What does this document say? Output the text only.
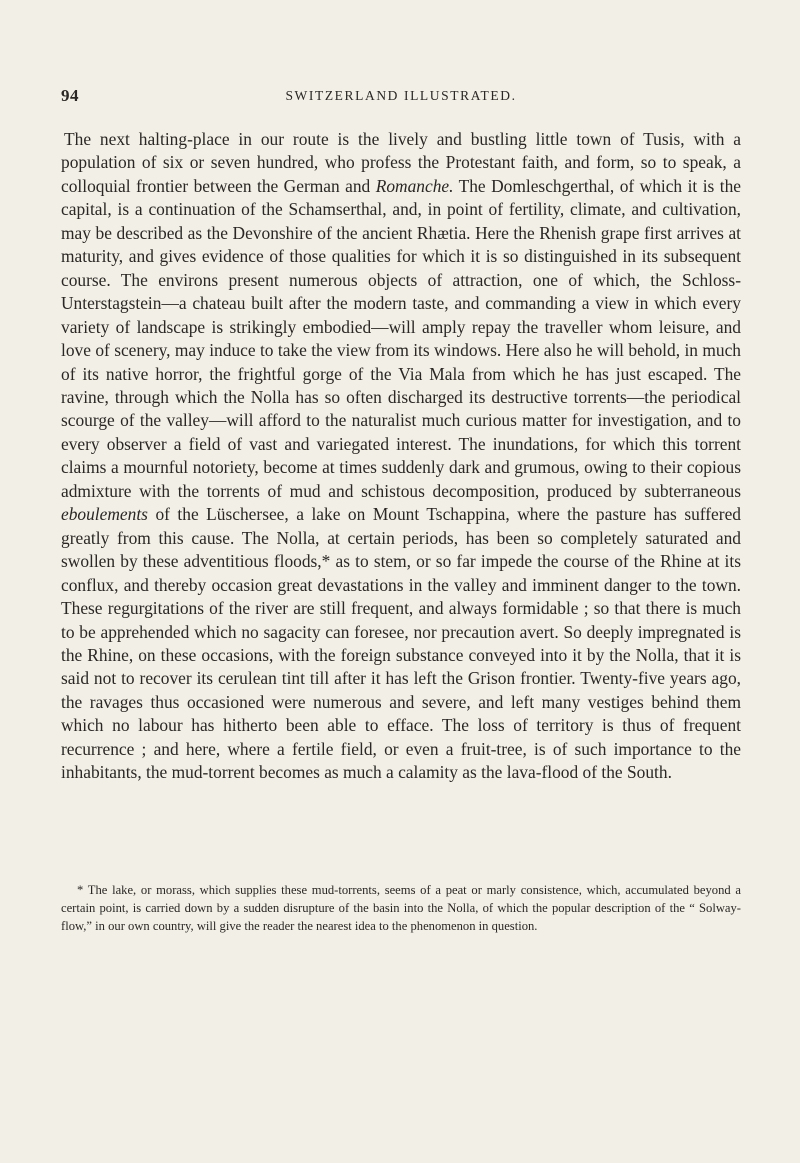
94	SWITZERLAND ILLUSTRATED.

The next halting-place in our route is the lively and bustling little town of Tusis, with a population of six or seven hundred, who profess the Protestant faith, and form, so to speak, a colloquial frontier between the German and Romanche. The Domleschgerthal, of which it is the capital, is a continuation of the Schamserthal, and, in point of fertility, climate, and cultivation, may be described as the Devonshire of the ancient Rhætia. Here the Rhenish grape first arrives at maturity, and gives evidence of those qualities for which it is so distinguished in its subsequent course. The environs present numerous objects of attraction, one of which, the Schloss-Unterstagstein—a chateau built after the modern taste, and commanding a view in which every variety of landscape is strikingly embodied—will amply repay the traveller whom leisure, and love of scenery, may induce to take the view from its windows. Here also he will behold, in much of its native horror, the frightful gorge of the Via Mala from which he has just escaped. The ravine, through which the Nolla has so often discharged its destructive torrents—the periodical scourge of the valley—will afford to the naturalist much curious matter for investigation, and to every observer a field of vast and variegated interest. The inundations, for which this torrent claims a mournful notoriety, become at times suddenly dark and grumous, owing to their copious admixture with the torrents of mud and schistous decomposition, produced by subterraneous eboulements of the Lüschersee, a lake on Mount Tschappina, where the pasture has suffered greatly from this cause. The Nolla, at certain periods, has been so completely saturated and swollen by these adventitious floods,* as to stem, or so far impede the course of the Rhine at its conflux, and thereby occasion great devastations in the valley and imminent danger to the town. These regurgitations of the river are still frequent, and always formidable ; so that there is much to be apprehended which no sagacity can foresee, nor precaution avert. So deeply impregnated is the Rhine, on these occasions, with the foreign substance conveyed into it by the Nolla, that it is said not to recover its cerulean tint till after it has left the Grison frontier. Twenty-five years ago, the ravages thus occasioned were numerous and severe, and left many vestiges behind them which no labour has hitherto been able to efface. The loss of territory is thus of frequent recurrence ; and here, where a fertile field, or even a fruit-tree, is of such importance to the inhabitants, the mud-torrent becomes as much a calamity as the lava-flood of the South.

* The lake, or morass, which supplies these mud-torrents, seems of a peat or marly consistence, which, accumulated beyond a certain point, is carried down by a sudden disruptu​re of the basin into the Nolla, of which the popular description of the “ Solway-flow,” in our own country, will give the reader the nearest idea to the phenomenon in question.
